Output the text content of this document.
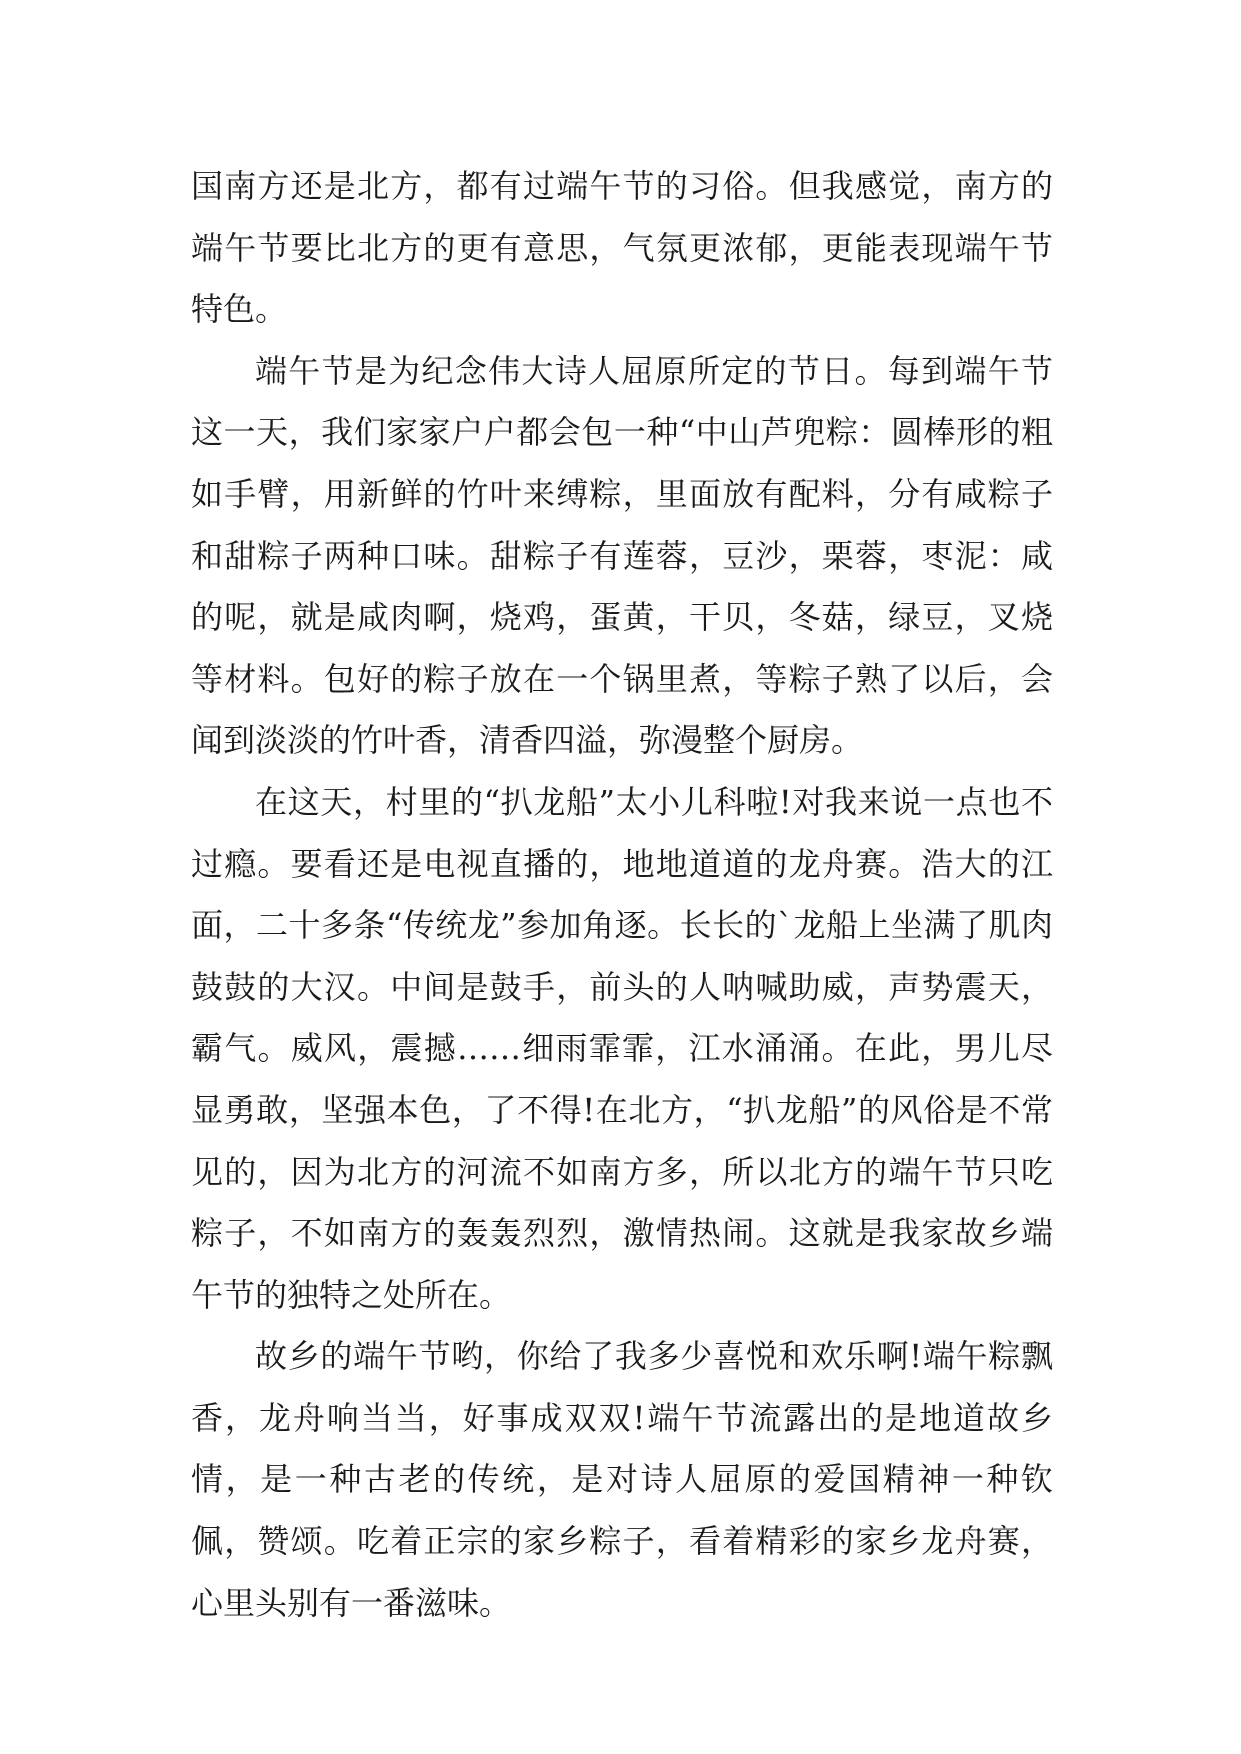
国南方还是北方，都有过端午节的习俗。但我感觉，南方的端午节要比北方的更有意思，气氛更浓郁，更能表现端午节特色。

端午节是为纪念伟大诗人屈原所定的节日。每到端午节这一天，我们家家户户都会包一种“中山芦兜粽：圆棒形的粗如手臂，用新鲜的竹叶来缚粽，里面放有配料，分有咸粽子和甜粽子两种口味。甜粽子有莲蓉，豆沙，栗蓉，枣泥：咸的呢，就是咸肉啊，烧鸡，蛋黄，干贝，冬菇，绿豆，叉烧等材料。包好的粽子放在一个锅里煮，等粽子熟了以后，会闻到淡淡的竹叶香，清香四溢，弥漫整个厨房。

在这天，村里的“扒龙船”太小儿科啦!对我来说一点也不过瘾。要看还是电视直播的，地地道道的龙舟赛。浩大的江面，二十多条“传统龙”参加角逐。长长的`龙船上坐满了肌肉鼓鼓的大汉。中间是鼓手，前头的人呐喊助威，声势震天，霸气。威风，震撼……细雨霏霏，江水涌涌。在此，男儿尽显勇敢，坚强本色，了不得!在北方，“扒龙船”的风俗是不常见的，因为北方的河流不如南方多，所以北方的端午节只吃粽子，不如南方的轰轰烈烈，激情热闹。这就是我家故乡端午节的独特之处所在。

故乡的端午节哟，你给了我多少喜悦和欢乐啊!端午粽飘香，龙舟响当当，好事成双双!端午节流露出的是地道故乡情，是一种古老的传统，是对诗人屈原的爱国精神一种钦佩，赞颂。吃着正宗的家乡粽子，看着精彩的家乡龙舟赛，心里头别有一番滋味。
